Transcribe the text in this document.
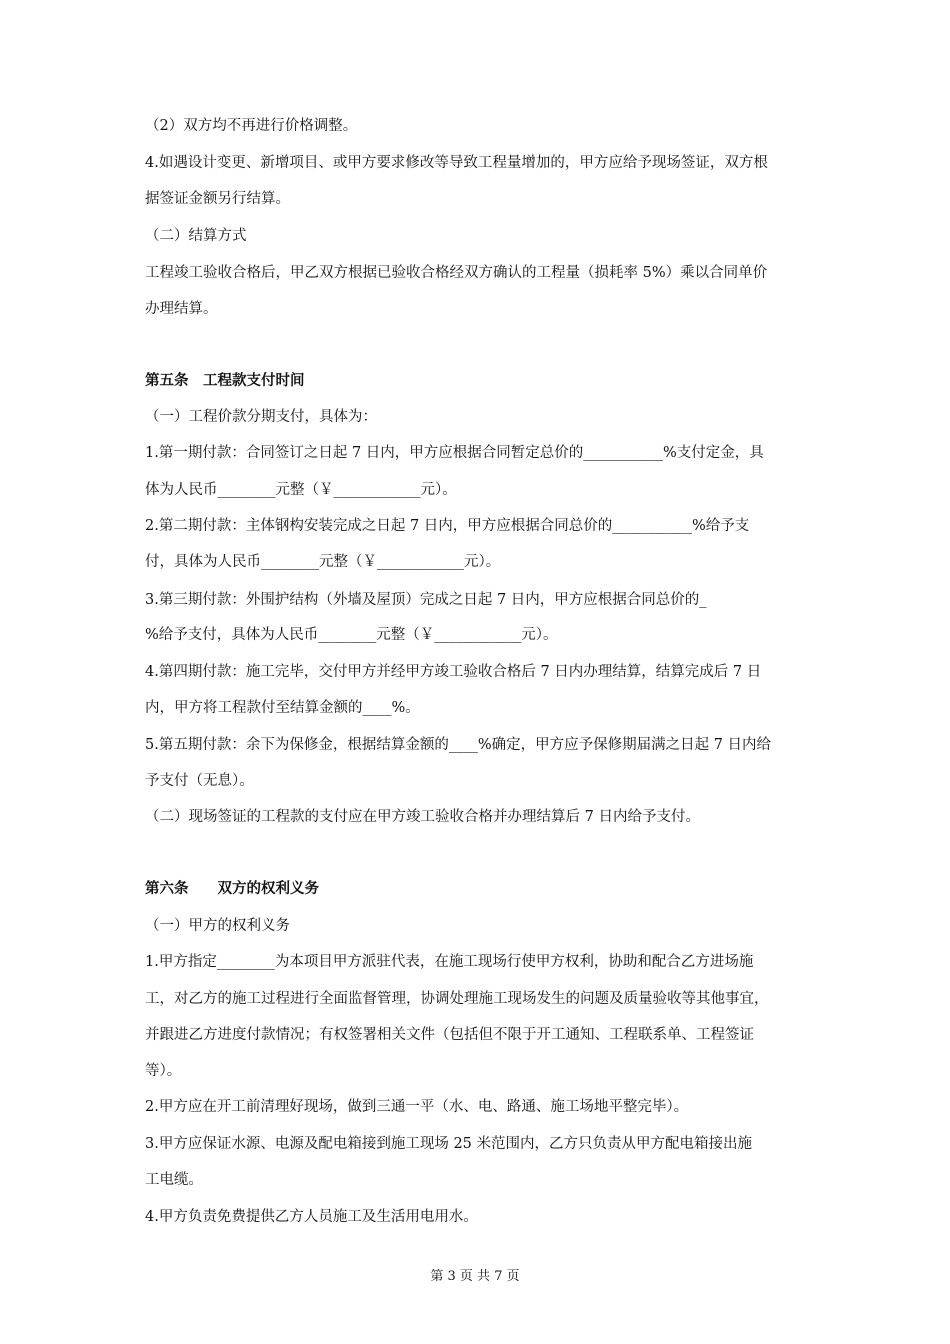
（2）双方均不再进行价格调整。
4.如遇设计变更、新增项目、或甲方要求修改等导致工程量增加的，甲方应给予现场签证，双方根
据签证金额另行结算。
（二）结算方式
工程竣工验收合格后，甲乙双方根据已验收合格经双方确认的工程量（损耗率 5%）乘以合同单价
办理结算。
第五条　工程款支付时间
（一）工程价款分期支付，具体为：
1.第一期付款：合同签订之日起 7 日内，甲方应根据合同暂定总价的___________%支付定金，具
体为人民币________元整（￥____________元）。
2.第二期付款：主体钢构安装完成之日起 7 日内，甲方应根据合同总价的___________%给予支
付，具体为人民币________元整（￥____________元）。
3.第三期付款：外围护结构（外墙及屋顶）完成之日起 7 日内，甲方应根据合同总价的_
%给予支付，具体为人民币________元整（￥____________元）。
4.第四期付款：施工完毕，交付甲方并经甲方竣工验收合格后 7 日内办理结算，结算完成后 7 日
内，甲方将工程款付至结算金额的____%。
5.第五期付款：余下为保修金，根据结算金额的____%确定，甲方应予保修期届满之日起 7 日内给
予支付（无息）。
（二）现场签证的工程款的支付应在甲方竣工验收合格并办理结算后 7 日内给予支付。
第六条　　双方的权利义务
（一）甲方的权利义务
1.甲方指定________为本项目甲方派驻代表，在施工现场行使甲方权利，协助和配合乙方进场施
工，对乙方的施工过程进行全面监督管理，协调处理施工现场发生的问题及质量验收等其他事宜，
并跟进乙方进度付款情况；有权签署相关文件（包括但不限于开工通知、工程联系单、工程签证
等）。
2.甲方应在开工前清理好现场，做到三通一平（水、电、路通、施工场地平整完毕）。
3.甲方应保证水源、电源及配电箱接到施工现场 25 米范围内，乙方只负责从甲方配电箱接出施
工电缆。
4.甲方负责免费提供乙方人员施工及生活用电用水。
第 3 页 共 7 页
